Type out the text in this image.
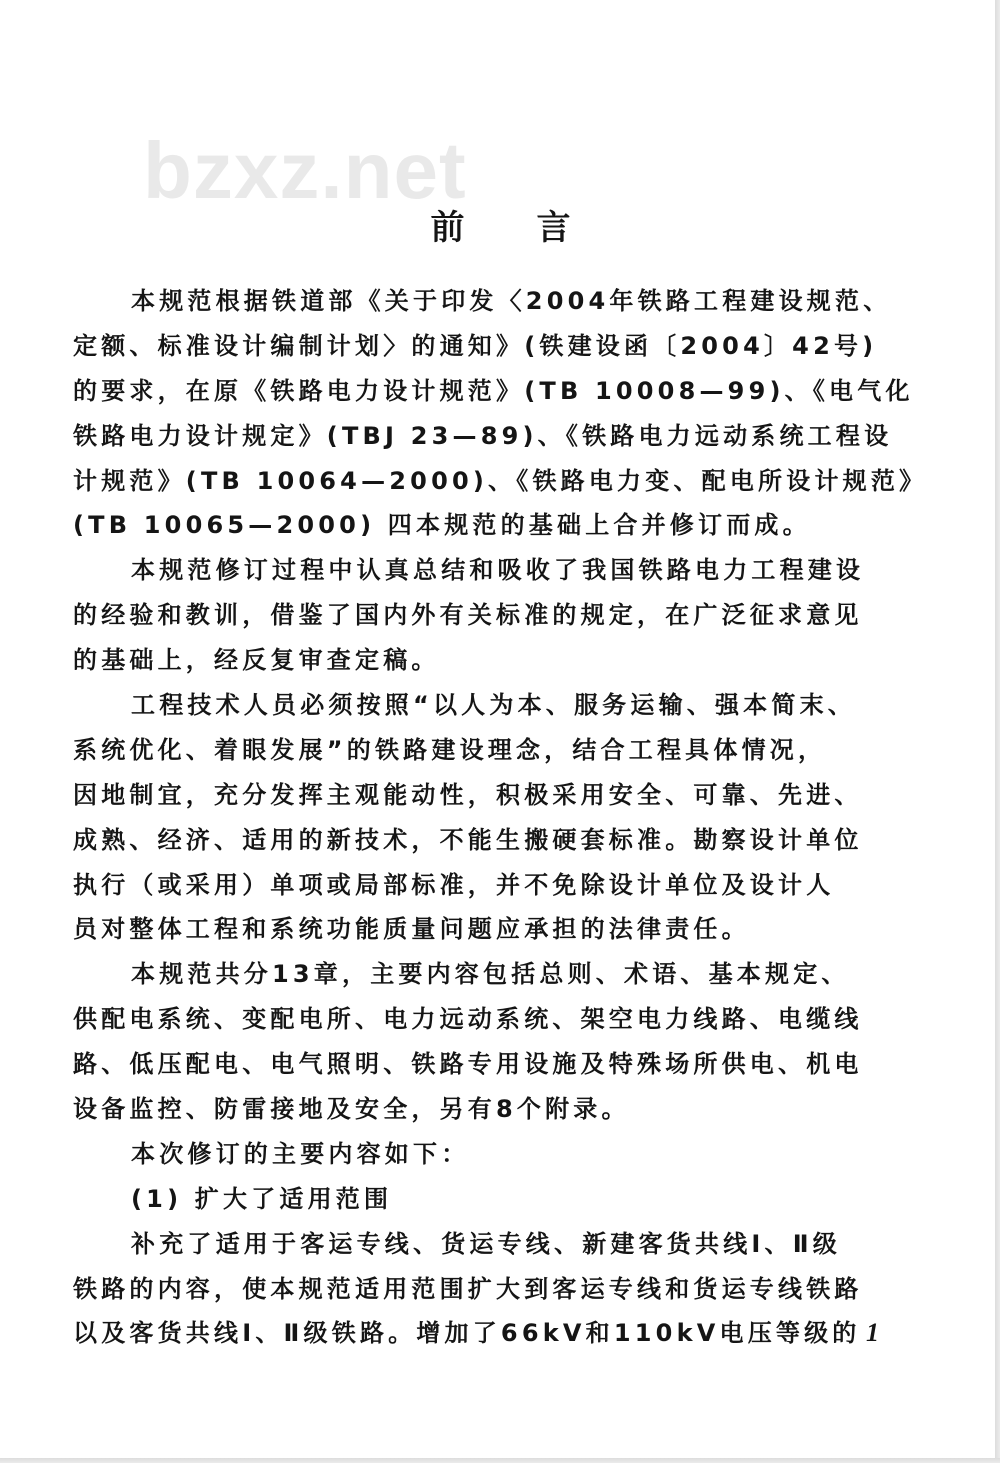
bzxz.net
前 言
本规范根据铁道部《关于印发〈2004年铁路工程建设规范、
定额、标准设计编制计划〉的通知》(铁建设函〔2004〕42号)
的要求，在原《铁路电力设计规范》(TB 10008—99)、《电气化
铁路电力设计规定》(TBJ 23—89)、《铁路电力远动系统工程设
计规范》(TB 10064—2000)、《铁路电力变、配电所设计规范》
(TB 10065—2000) 四本规范的基础上合并修订而成。
本规范修订过程中认真总结和吸收了我国铁路电力工程建设
的经验和教训，借鉴了国内外有关标准的规定，在广泛征求意见
的基础上，经反复审查定稿。
工程技术人员必须按照“以人为本、服务运输、强本简末、
系统优化、着眼发展”的铁路建设理念，结合工程具体情况，
因地制宜，充分发挥主观能动性，积极采用安全、可靠、先进、
成熟、经济、适用的新技术，不能生搬硬套标准。勘察设计单位
执行（或采用）单项或局部标准，并不免除设计单位及设计人
员对整体工程和系统功能质量问题应承担的法律责任。
本规范共分13章，主要内容包括总则、术语、基本规定、
供配电系统、变配电所、电力远动系统、架空电力线路、电缆线
路、低压配电、电气照明、铁路专用设施及特殊场所供电、机电
设备监控、防雷接地及安全，另有8个附录。
本次修订的主要内容如下：
(1) 扩大了适用范围
补充了适用于客运专线、货运专线、新建客货共线Ⅰ、Ⅱ级
铁路的内容，使本规范适用范围扩大到客运专线和货运专线铁路
以及客货共线Ⅰ、Ⅱ级铁路。增加了66kV和110kV电压等级的 1
